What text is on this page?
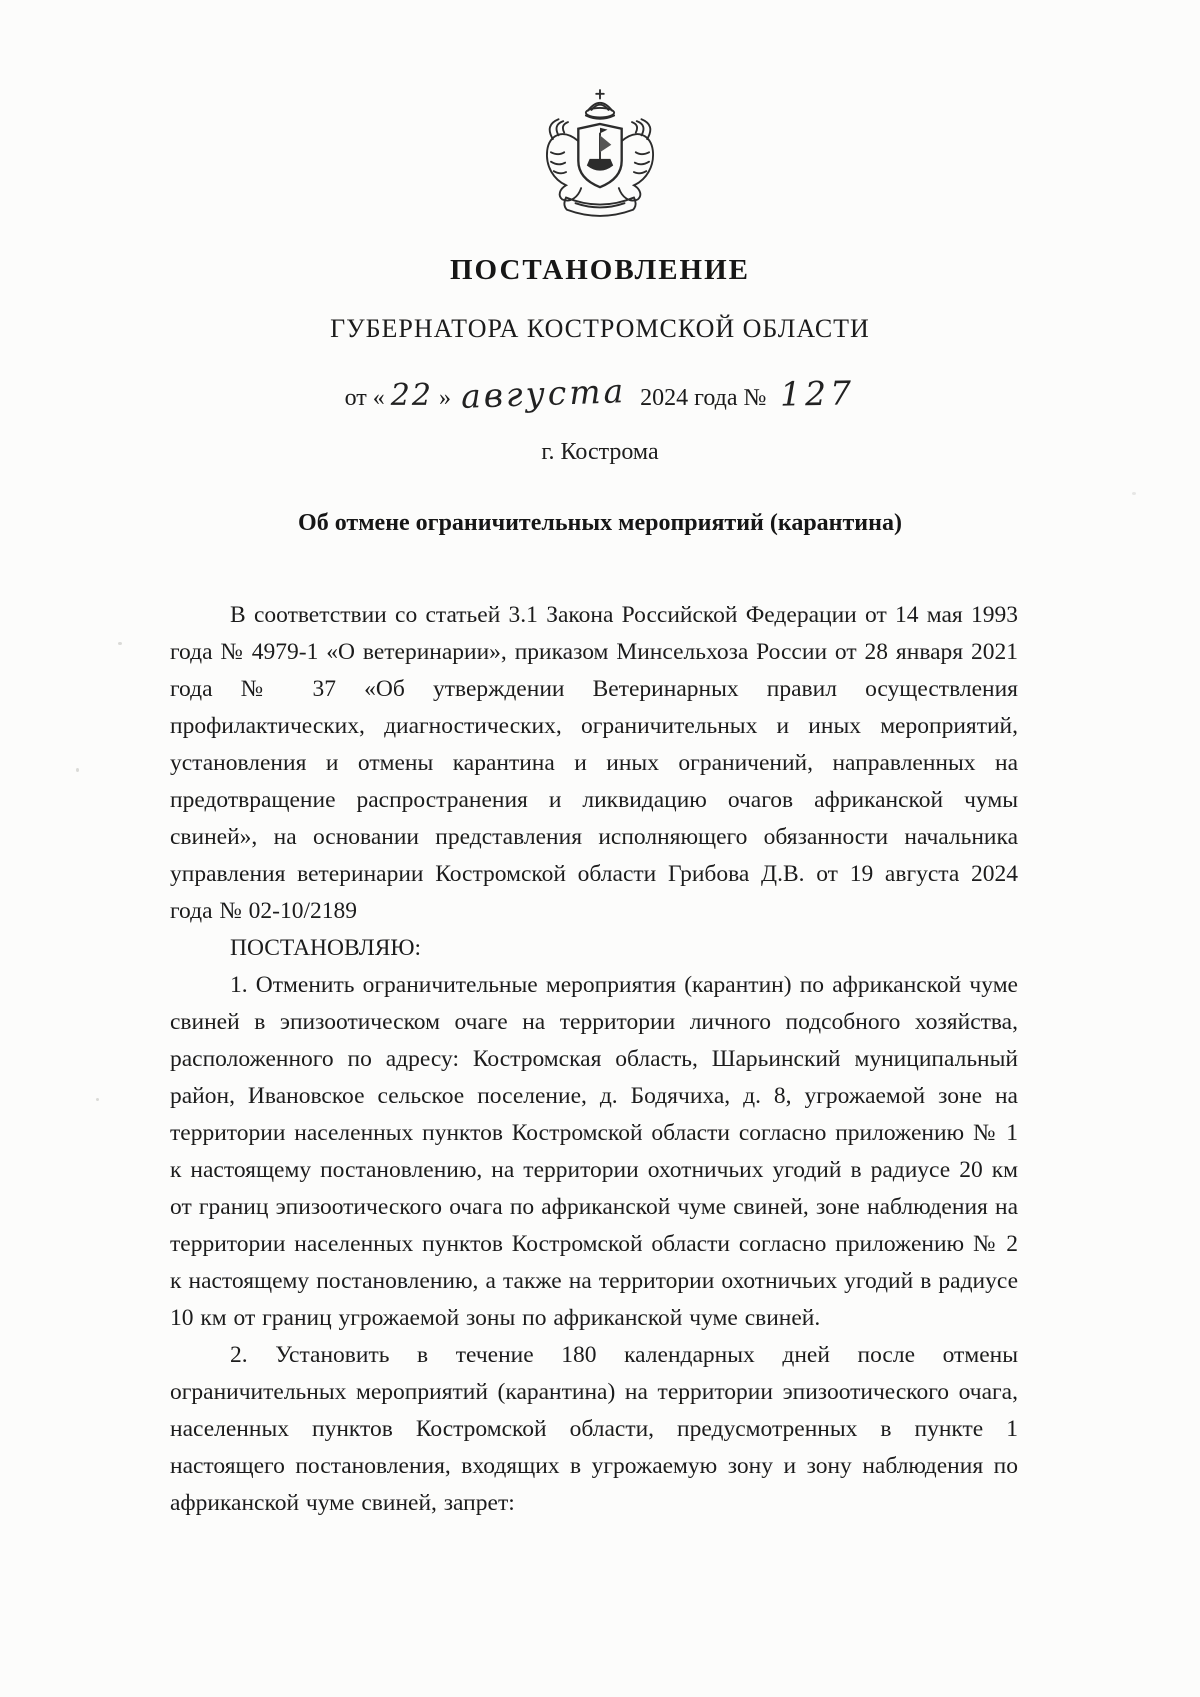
ПОСТАНОВЛЕНИЕ
ГУБЕРНАТОРА КОСТРОМСКОЙ ОБЛАСТИ
от « 22 » августа 2024 года № 127
г. Кострома
Об отмене ограничительных мероприятий (карантина)

В соответствии со статьей 3.1 Закона Российской Федерации от 14 мая 1993 года № 4979-1 «О ветеринарии», приказом Минсельхоза России от 28 января 2021 года № 37 «Об утверждении Ветеринарных правил осуществления профилактических, диагностических, ограничительных и иных мероприятий, установления и отмены карантина и иных ограничений, направленных на предотвращение распространения и ликвидацию очагов африканской чумы свиней», на основании представления исполняющего обязанности начальника управления ветеринарии Костромской области Грибова Д.В. от 19 августа 2024 года № 02-10/2189

ПОСТАНОВЛЯЮ:

1. Отменить ограничительные мероприятия (карантин) по африканской чуме свиней в эпизоотическом очаге на территории личного подсобного хозяйства, расположенного по адресу: Костромская область, Шарьинский муниципальный район, Ивановское сельское поселение, д. Бодячиха, д. 8, угрожаемой зоне на территории населенных пунктов Костромской области согласно приложению № 1 к настоящему постановлению, на территории охотничьих угодий в радиусе 20 км от границ эпизоотического очага по африканской чуме свиней, зоне наблюдения на территории населенных пунктов Костромской области согласно приложению № 2 к настоящему постановлению, а также на территории охотничьих угодий в радиусе 10 км от границ угрожаемой зоны по африканской чуме свиней.

2. Установить в течение 180 календарных дней после отмены ограничительных мероприятий (карантина) на территории эпизоотического очага, населенных пунктов Костромской области, предусмотренных в пункте 1 настоящего постановления, входящих в угрожаемую зону и зону наблюдения по африканской чуме свиней, запрет:
